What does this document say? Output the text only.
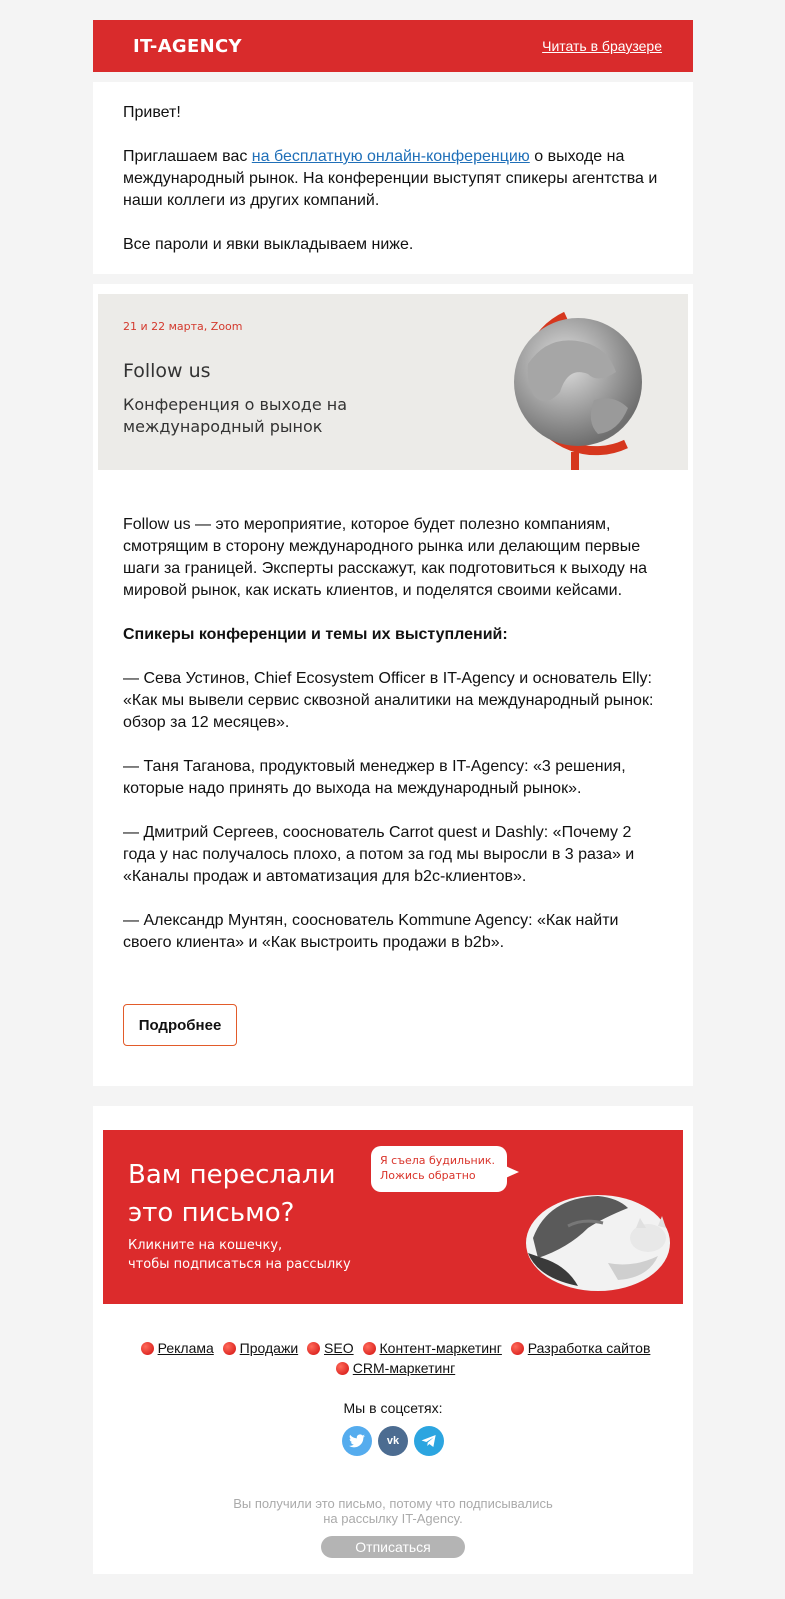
IT-AGENCY	Читать в браузере

Привет!

Приглашаем вас на бесплатную онлайн-конференцию о выходе на международный рынок. На конференции выступят спикеры агентства и наши коллеги из других компаний.

Все пароли и явки выкладываем ниже.

21 и 22 марта, Zoom
Follow us
Конференция о выходе на международный рынок

Follow us — это мероприятие, которое будет полезно компаниям, смотрящим в сторону международного рынка или делающим первые шаги за границей. Эксперты расскажут, как подготовиться к выходу на мировой рынок, как искать клиентов, и поделятся своими кейсами.

Спикеры конференции и темы их выступлений:

— Сева Устинов, Chief Ecosystem Officer в IT-Agency и основатель Elly: «Как мы вывели сервис сквозной аналитики на международный рынок: обзор за 12 месяцев».

— Таня Таганова, продуктовый менеджер в IT-Agency: «3 решения, которые надо принять до выхода на международный рынок».

— Дмитрий Сергеев, сооснователь Carrot quest и Dashly: «Почему 2 года у нас получалось плохо, а потом за год мы выросли в 3 раза» и «Каналы продаж и автоматизация для b2c-клиентов».

— Александр Мунтян, сооснователь Kommune Agency: «Как найти своего клиента» и «Как выстроить продажи в b2b».

Подробнее
Вам переслали
это письмо?
Кликните на кошечку,
чтобы подписаться на рассылку
Я съела будильник.
Ложись обратно
Реклама Продажи SEO Контент-маркетинг Разработка сайтов
CRM-маркетинг
Мы в соцсетях:
vk
Вы получили это письмо, потому что подписывались
на рассылку IT-Agency.
Отписаться
